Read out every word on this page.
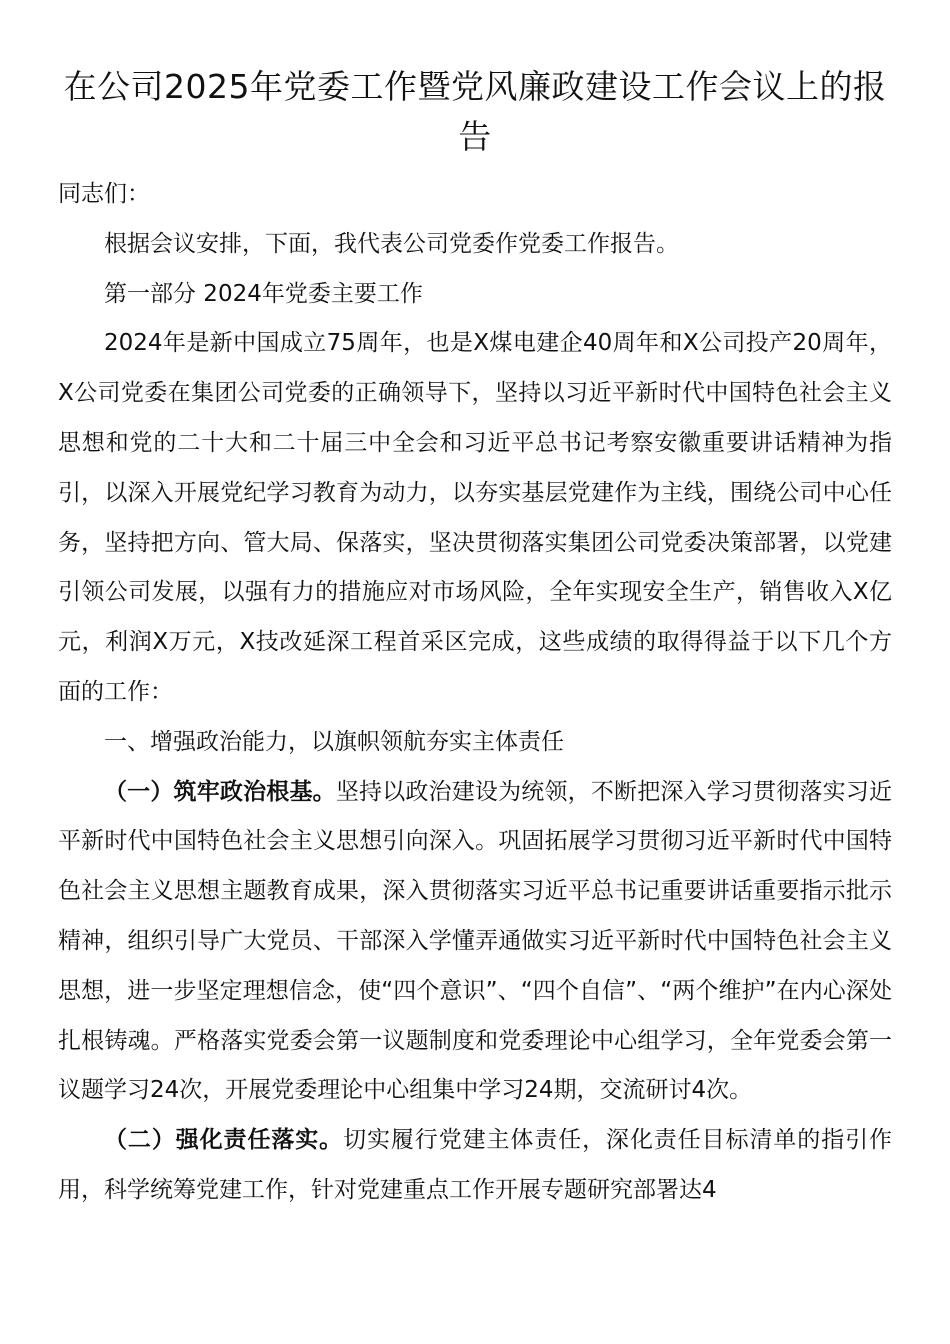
在公司2025年党委工作暨党风廉政建设工作会议上的报告

同志们：

根据会议安排，下面，我代表公司党委作党委工作报告。

第一部分 2024年党委主要工作

2024年是新中国成立75周年，也是X煤电建企40周年和X公司投产20周年，X公司党委在集团公司党委的正确领导下，坚持以习近平新时代中国特色社会主义思想和党的二十大和二十届三中全会和习近平总书记考察安徽重要讲话精神为指引，以深入开展党纪学习教育为动力，以夯实基层党建作为主线，围绕公司中心任务，坚持把方向、管大局、保落实，坚决贯彻落实集团公司党委决策部署，以党建引领公司发展，以强有力的措施应对市场风险，全年实现安全生产，销售收入X亿元，利润X万元，X技改延深工程首采区完成，这些成绩的取得得益于以下几个方面的工作：

一、增强政治能力，以旗帜领航夯实主体责任

（一）筑牢政治根基。坚持以政治建设为统领，不断把深入学习贯彻落实习近平新时代中国特色社会主义思想引向深入。巩固拓展学习贯彻习近平新时代中国特色社会主义思想主题教育成果，深入贯彻落实习近平总书记重要讲话重要指示批示精神，组织引导广大党员、干部深入学懂弄通做实习近平新时代中国特色社会主义思想，进一步坚定理想信念，使“四个意识”、“四个自信”、“两个维护”在内心深处扎根铸魂。严格落实党委会第一议题制度和党委理论中心组学习，全年党委会第一议题学习24次，开展党委理论中心组集中学习24期，交流研讨4次。

（二）强化责任落实。切实履行党建主体责任，深化责任目标清单的指引作用，科学统筹党建工作，针对党建重点工作开展专题研究部署达4
